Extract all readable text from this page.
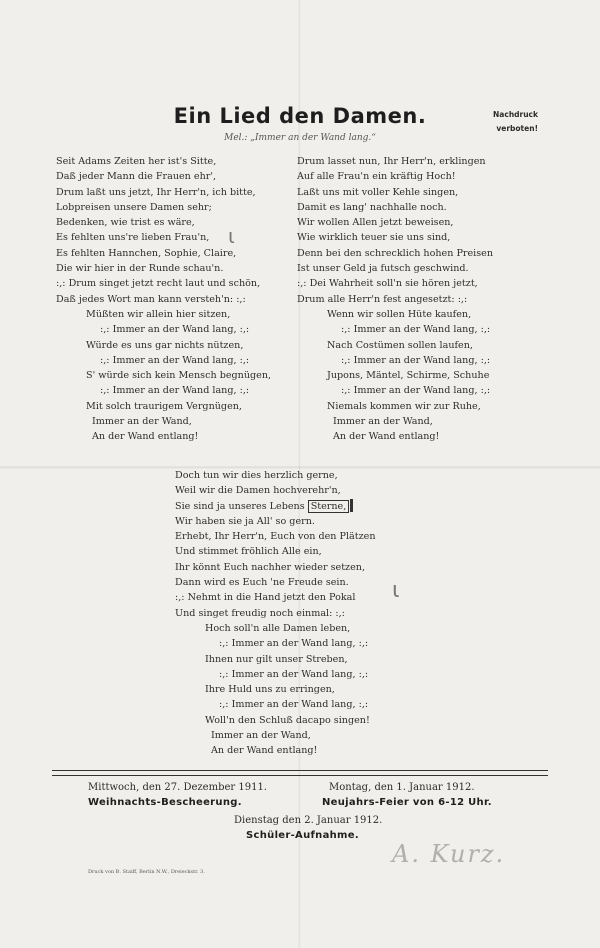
Ein Lied den Damen.
Mel.: „Immer an der Wand lang.“
Nachdruck
verboten!
Seit Adams Zeiten her ist's Sitte,
Daß jeder Mann die Frauen ehr',
Drum laßt uns jetzt, Ihr Herr'n, ich bitte,
Lobpreisen unsere Damen sehr;
Bedenken, wie trist es wäre,
Es fehlten uns're lieben Frau'n,
Es fehlten Hannchen, Sophie, Claire,
Die wir hier in der Runde schau'n.
:,: Drum singet jetzt recht laut und schön,
Daß jedes Wort man kann versteh'n: :,:
Müßten wir allein hier sitzen,
:,: Immer an der Wand lang, :,:
Würde es uns gar nichts nützen,
:,: Immer an der Wand lang, :,:
S' würde sich kein Mensch begnügen,
:,: Immer an der Wand lang, :,:
Mit solch traurigem Vergnügen,
Immer an der Wand,
An der Wand entlang!
Drum lasset nun, Ihr Herr'n, erklingen
Auf alle Frau'n ein kräftig Hoch!
Laßt uns mit voller Kehle singen,
Damit es lang' nachhalle noch.
Wir wollen Allen jetzt beweisen,
Wie wirklich teuer sie uns sind,
Denn bei den schrecklich hohen Preisen
Ist unser Geld ja futsch geschwind.
:,: Dei Wahrheit soll'n sie hören jetzt,
Drum alle Herr'n fest angesetzt: :,:
Wenn wir sollen Hüte kaufen,
:,: Immer an der Wand lang, :,:
Nach Costümen sollen laufen,
:,: Immer an der Wand lang, :,:
Jupons, Mäntel, Schirme, Schuhe
:,: Immer an der Wand lang, :,:
Niemals kommen wir zur Ruhe,
Immer an der Wand,
An der Wand entlang!
Doch tun wir dies herzlich gerne,
Weil wir die Damen hochverehr'n,
Sie sind ja unseres Lebens Sterne,
Wir haben sie ja All' so gern.
Erhebt, Ihr Herr'n, Euch von den Plätzen
Und stimmet fröhlich Alle ein,
Ihr könnt Euch nachher wieder setzen,
Dann wird es Euch 'ne Freude sein.
:,: Nehmt in die Hand jetzt den Pokal
Und singet freudig noch einmal: :,:
Hoch soll'n alle Damen leben,
:,: Immer an der Wand lang, :,:
Ihnen nur gilt unser Streben,
:,: Immer an der Wand lang, :,:
Ihre Huld uns zu erringen,
:,: Immer an der Wand lang, :,:
Woll'n den Schluß dacapo singen!
Immer an der Wand,
An der Wand entlang!
ɩ
ɩ
Mittwoch, den 27. Dezember 1911.
Weihnachts-Bescheerung.
Montag, den 1. Januar 1912.
Neujahrs-Feier von 6-12 Uhr.
Dienstag den 2. Januar 1912.
Schüler-Aufnahme.
A. Kurz.
Druck von B. Staiff, Berlin N.W., Dreieckstr. 3.
